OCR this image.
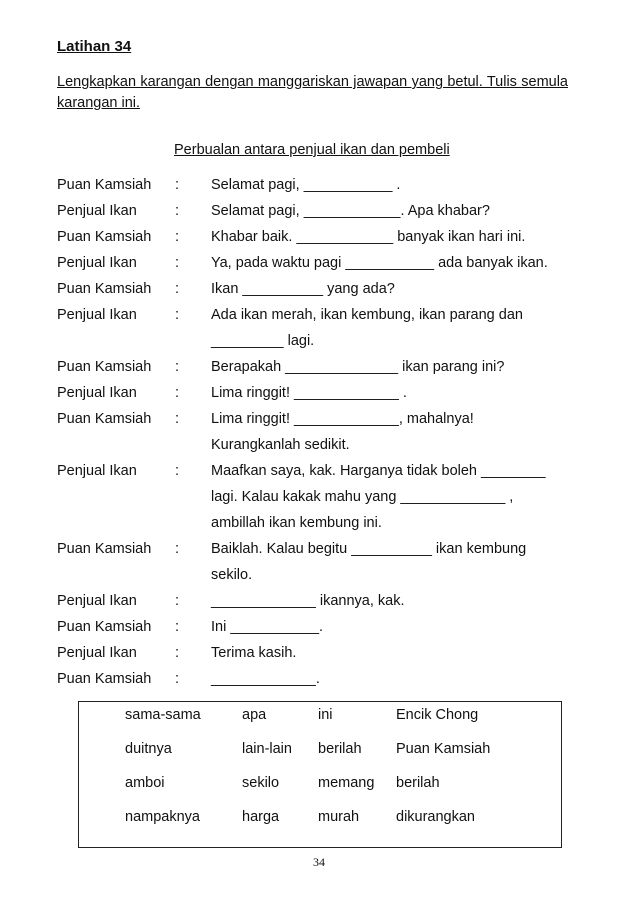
Latihan 34
Lengkapkan karangan dengan manggariskan jawapan yang betul. Tulis semula karangan ini.
Perbualan antara penjual ikan dan pembeli
Puan Kamsiah	:	Selamat pagi, ___________ .
Penjual Ikan	:	Selamat pagi, ____________. Apa khabar?
Puan Kamsiah	:	Khabar baik. ____________ banyak ikan hari ini.
Penjual Ikan	:	Ya, pada waktu pagi ___________ ada banyak ikan.
Puan Kamsiah	:	Ikan __________ yang ada?
Penjual Ikan	:	Ada ikan merah, ikan kembung, ikan parang dan
_________ lagi.
Puan Kamsiah	:	Berapakah ______________ ikan parang ini?
Penjual Ikan	:	Lima ringgit! _____________ .
Puan Kamsiah	:	Lima ringgit! _____________, mahalnya!
Kurangkanlah sedikit.
Penjual Ikan	:	Maafkan saya, kak. Harganya tidak boleh ________
lagi. Kalau kakak mahu yang _____________ ,
ambillah ikan kembung ini.
Puan Kamsiah	:	Baiklah. Kalau begitu __________ ikan kembung
sekilo.
Penjual Ikan	:	_____________ ikannya, kak.
Puan Kamsiah	:	Ini ___________.
Penjual Ikan	:	Terima kasih.
Puan Kamsiah	:	_____________.
sama-sama	apa	ini	Encik Chong
duitnya	lain-lain	berilah	Puan Kamsiah
amboi	sekilo	memang	berilah
nampaknya	harga	murah	dikurangkan
34
